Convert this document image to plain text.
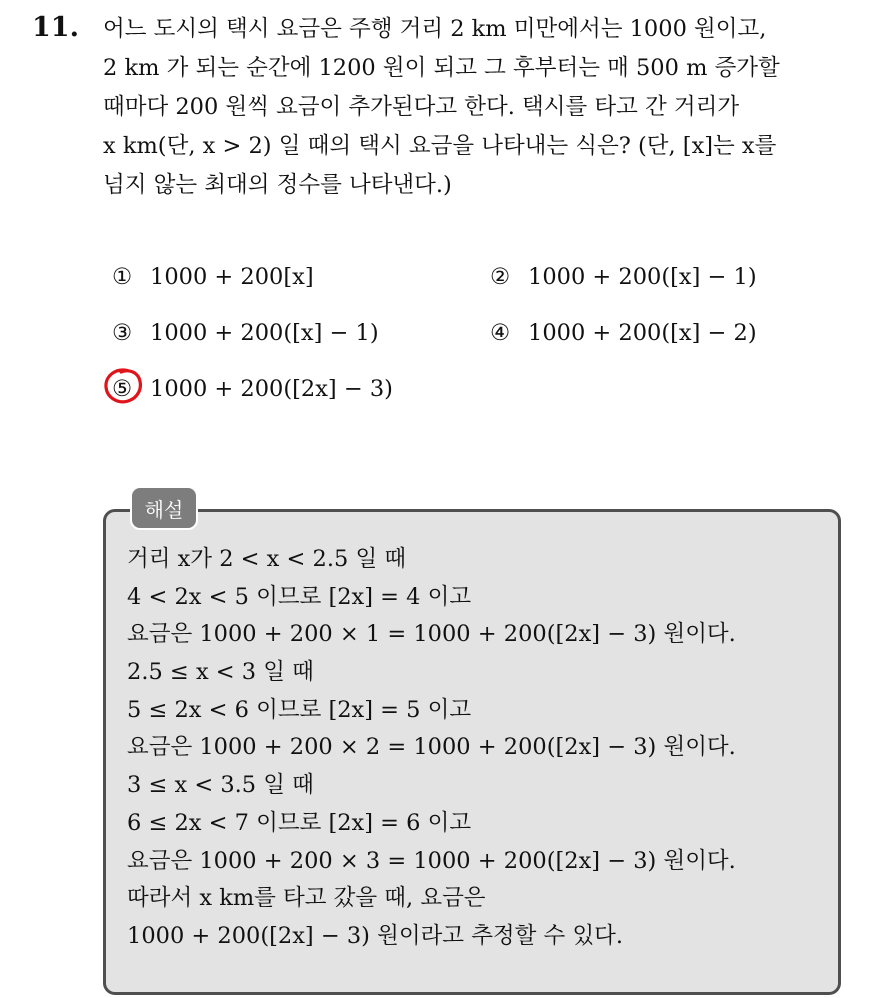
11. 어느 도시의 택시 요금은 주행 거리 2 km 미만에서는 1000 원이고,
2 km 가 되는 순간에 1200 원이 되고 그 후부터는 매 500 m 증가할
때마다 200 원씩 요금이 추가된다고 한다. 택시를 타고 간 거리가
x km(단, x > 2) 일 때의 택시 요금을 나타내는 식은? (단, [x]는 x를
넘지 않는 최대의 정수를 나타낸다.)
① 1000 + 200[x]	② 1000 + 200([x] − 1)
③ 1000 + 200([x] − 1)	④ 1000 + 200([x] − 2)
⑤ 1000 + 200([2x] − 3)
해설
거리 x가 2 < x < 2.5 일 때
4 < 2x < 5 이므로 [2x] = 4 이고
요금은 1000 + 200 × 1 = 1000 + 200([2x] − 3) 원이다.
2.5 ≤ x < 3 일 때
5 ≤ 2x < 6 이므로 [2x] = 5 이고
요금은 1000 + 200 × 2 = 1000 + 200([2x] − 3) 원이다.
3 ≤ x < 3.5 일 때
6 ≤ 2x < 7 이므로 [2x] = 6 이고
요금은 1000 + 200 × 3 = 1000 + 200([2x] − 3) 원이다.
따라서 x km를 타고 갔을 때, 요금은
1000 + 200([2x] − 3) 원이라고 추정할 수 있다.
